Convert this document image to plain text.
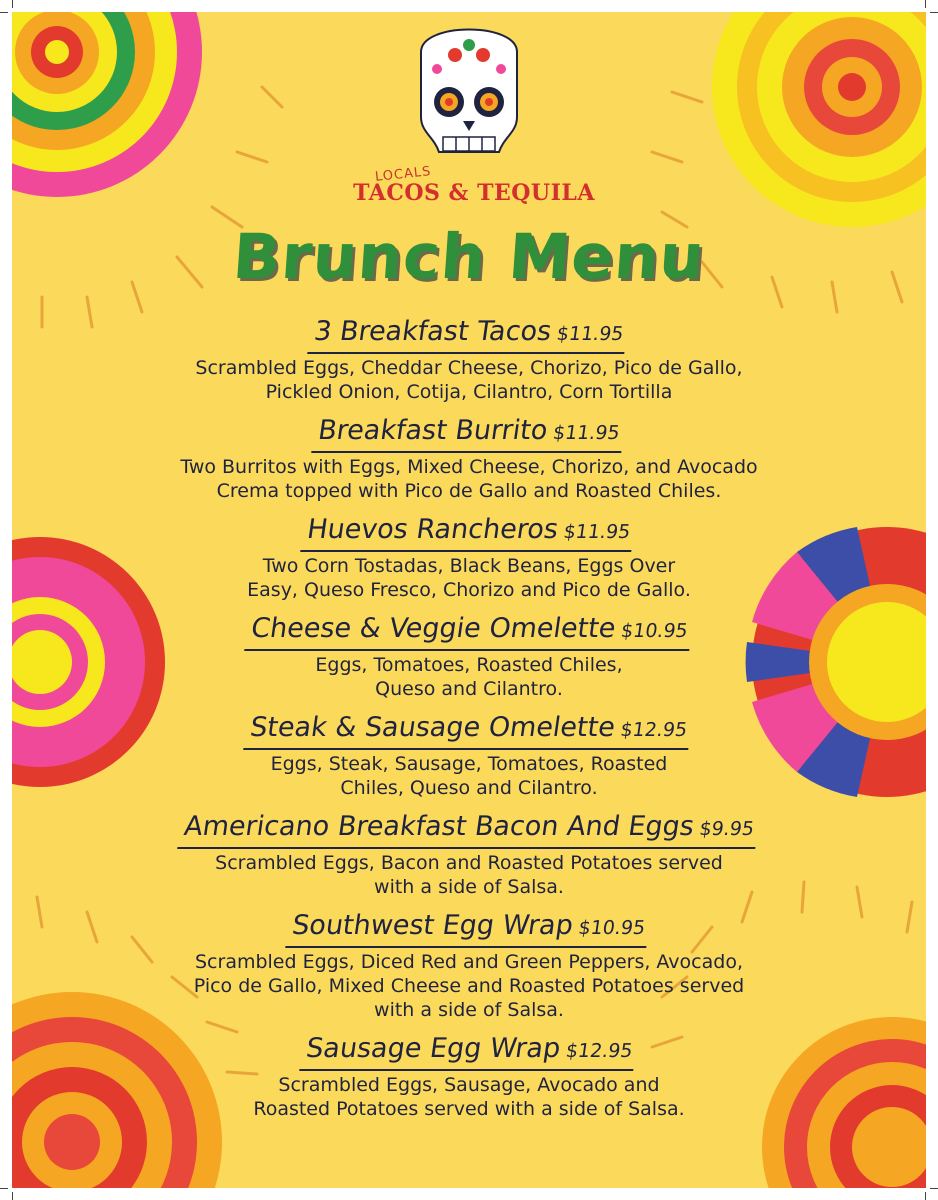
LOCALS
TACOS & TEQUILA
Brunch Menu
3 Breakfast Tacos $11.95
Scrambled Eggs, Cheddar Cheese, Chorizo, Pico de Gallo,
Pickled Onion, Cotija, Cilantro, Corn Tortilla
Breakfast Burrito $11.95
Two Burritos with Eggs, Mixed Cheese, Chorizo, and Avocado
Crema topped with Pico de Gallo and Roasted Chiles.
Huevos Rancheros $11.95
Two Corn Tostadas, Black Beans, Eggs Over
Easy, Queso Fresco, Chorizo and Pico de Gallo.
Cheese & Veggie Omelette $10.95
Eggs, Tomatoes, Roasted Chiles,
Queso and Cilantro.
Steak & Sausage Omelette $12.95
Eggs, Steak, Sausage, Tomatoes, Roasted
Chiles, Queso and Cilantro.
Americano Breakfast Bacon And Eggs $9.95
Scrambled Eggs, Bacon and Roasted Potatoes served
with a side of Salsa.
Southwest Egg Wrap $10.95
Scrambled Eggs, Diced Red and Green Peppers, Avocado,
Pico de Gallo, Mixed Cheese and Roasted Potatoes served
with a side of Salsa.
Sausage Egg Wrap $12.95
Scrambled Eggs, Sausage, Avocado and
Roasted Potatoes served with a side of Salsa.
